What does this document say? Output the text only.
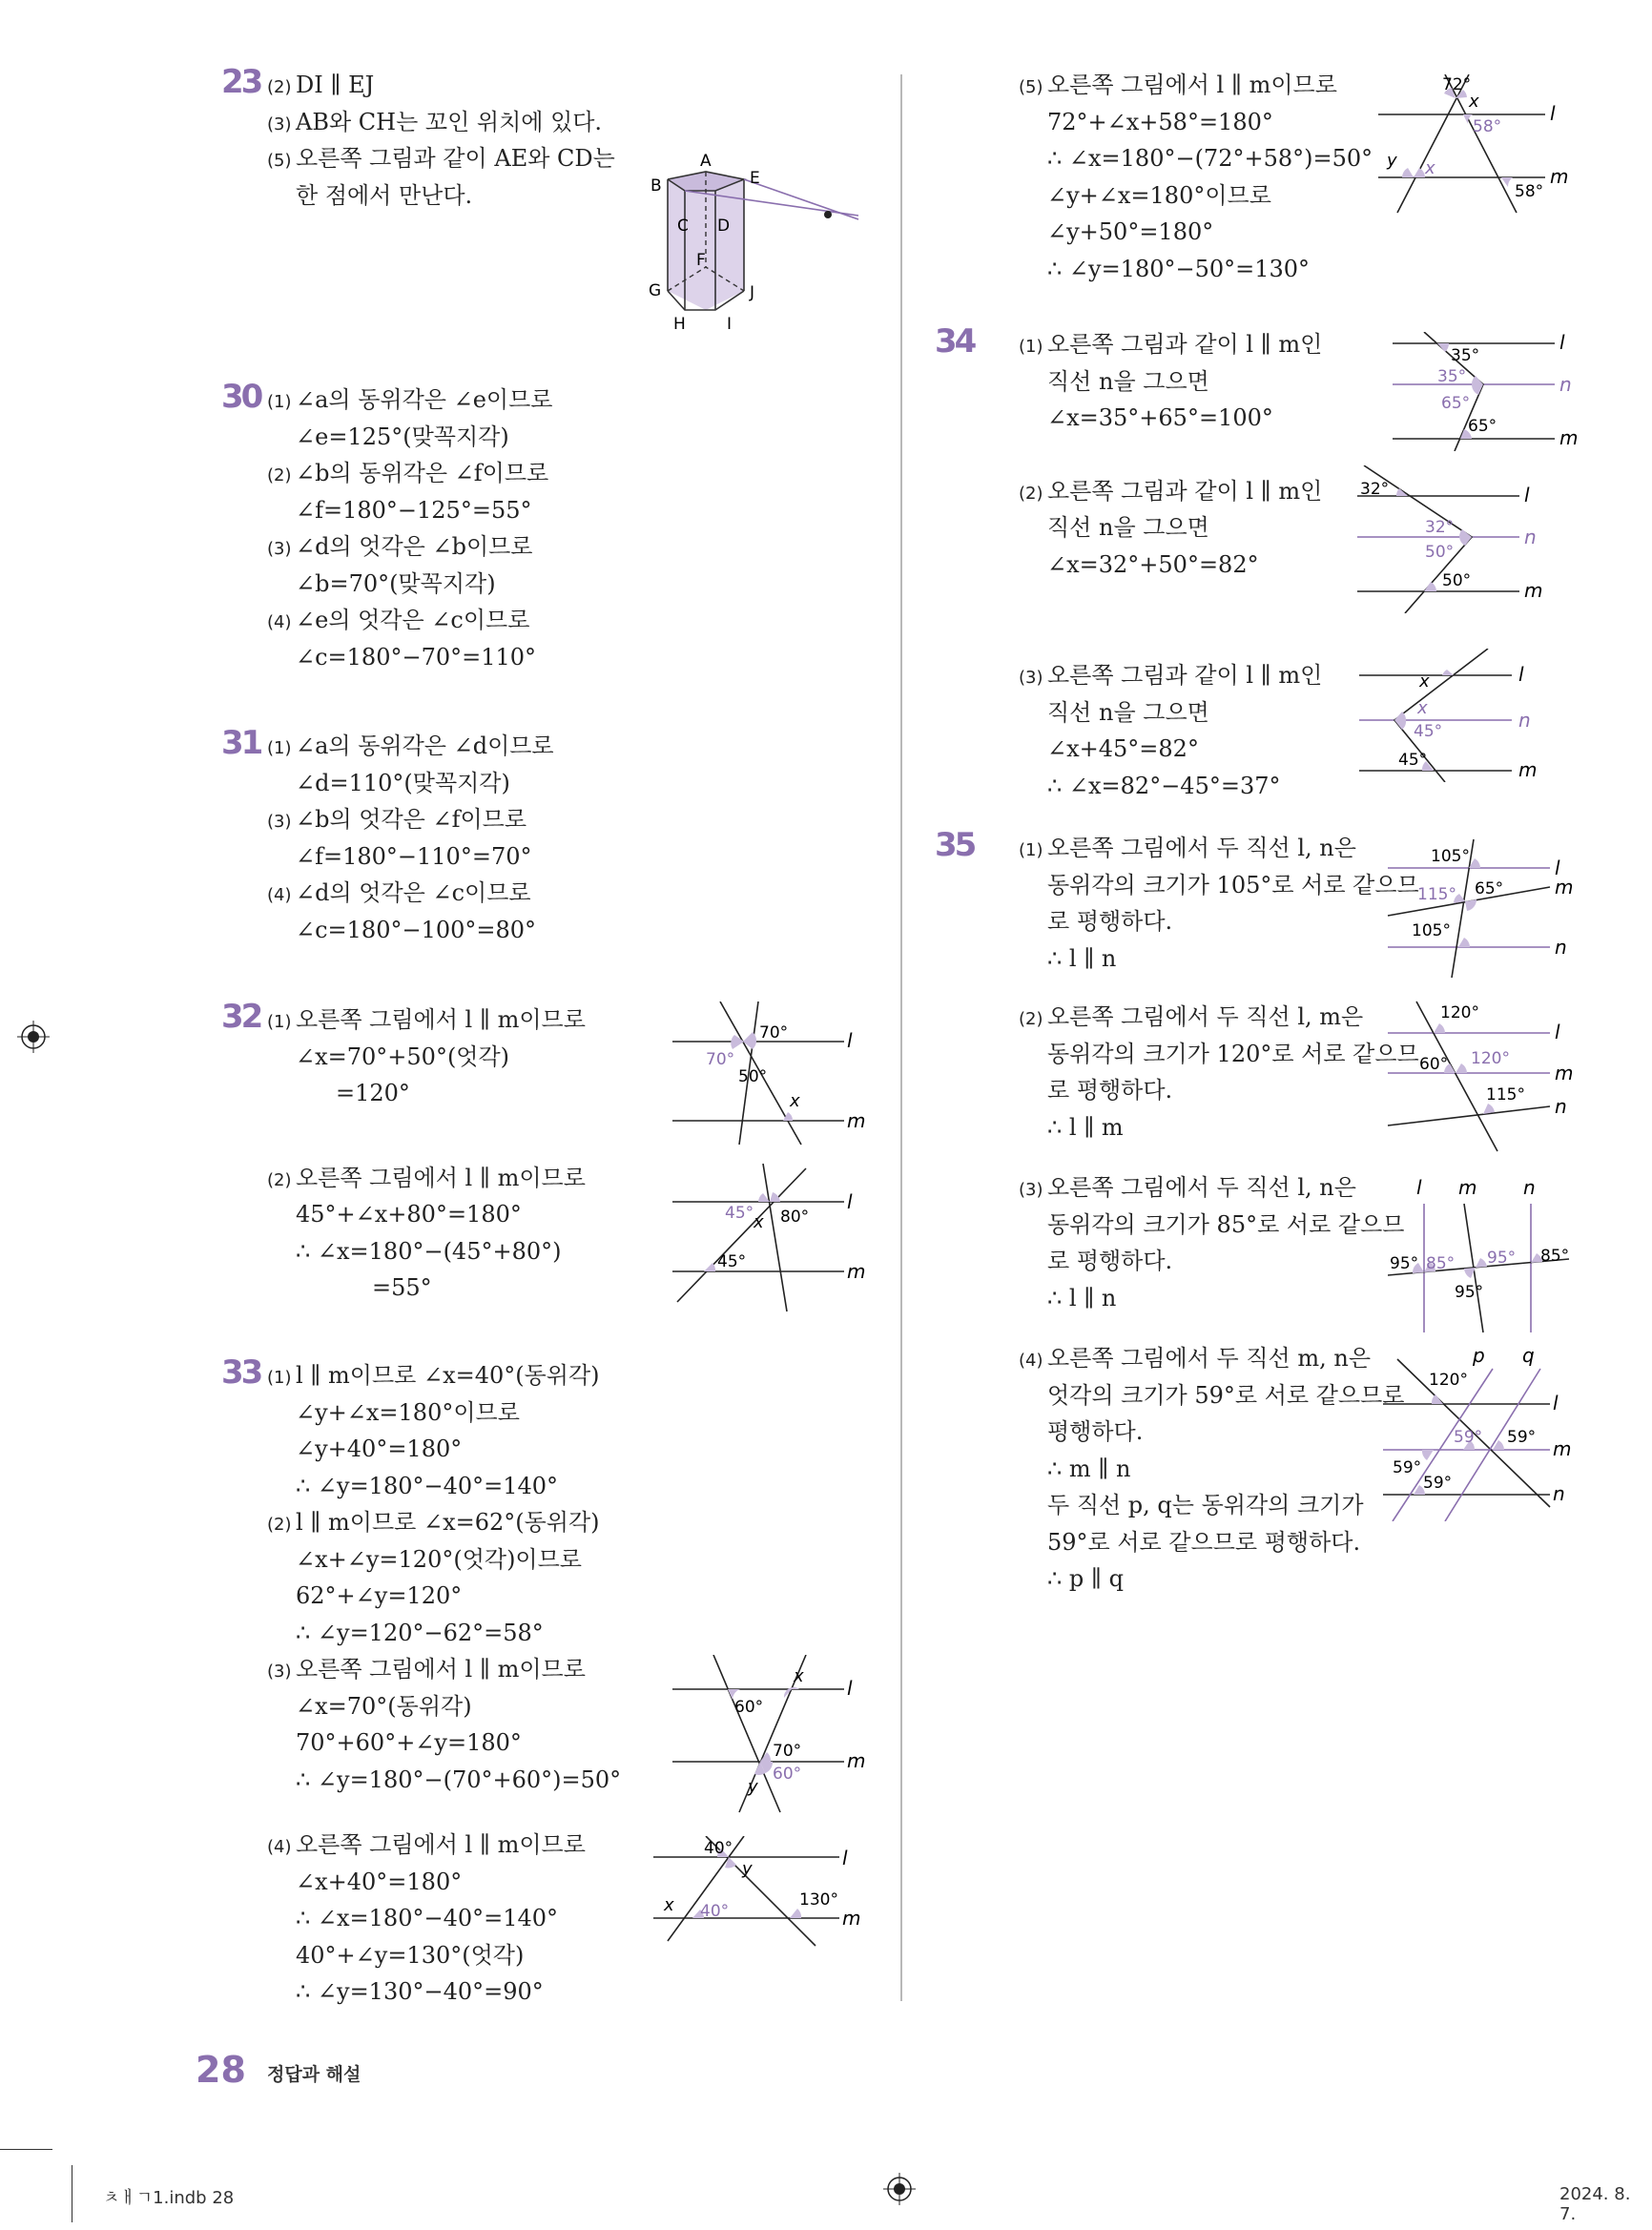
23 (2) DI ∥ EJ
(3) AB와 CH는 꼬인 위치에 있다.
(5) 오른쪽 그림과 같이 AE와 CD는
한 점에서 만난다.
30 (1) ∠a의 동위각은 ∠e이므로
∠e=125°(맞꼭지각)
(2) ∠b의 동위각은 ∠f이므로
∠f=180°−125°=55°
(3) ∠d의 엇각은 ∠b이므로
∠b=70°(맞꼭지각)
(4) ∠e의 엇각은 ∠c이므로
∠c=180°−70°=110°
31 (1) ∠a의 동위각은 ∠d이므로
∠d=110°(맞꼭지각)
(3) ∠b의 엇각은 ∠f이므로
∠f=180°−110°=70°
(4) ∠d의 엇각은 ∠c이므로
∠c=180°−100°=80°
32 (1) 오른쪽 그림에서 l ∥ m이므로
∠x=70°+50°(엇각)
=120°
(2) 오른쪽 그림에서 l ∥ m이므로
45°+∠x+80°=180°
∴ ∠x=180°−(45°+80°)
=55°
33 (1) l ∥ m이므로 ∠x=40°(동위각)
∠y+∠x=180°이므로
∠y+40°=180°
∴ ∠y=180°−40°=140°
(2) l ∥ m이므로 ∠x=62°(동위각)
∠x+∠y=120°(엇각)이므로
62°+∠y=120°
∴ ∠y=120°−62°=58°
(3) 오른쪽 그림에서 l ∥ m이므로
∠x=70°(동위각)
70°+60°+∠y=180°
∴ ∠y=180°−(70°+60°)=50°
(4) 오른쪽 그림에서 l ∥ m이므로
∠x+40°=180°
∴ ∠x=180°−40°=140°
40°+∠y=130°(엇각)
∴ ∠y=130°−40°=90°
(5) 오른쪽 그림에서 l ∥ m이므로
72°+∠x+58°=180°
∴ ∠x=180°−(72°+58°)=50°
∠y+∠x=180°이므로
∠y+50°=180°
∴ ∠y=180°−50°=130°
34	(1) 오른쪽 그림과 같이 l ∥ m인
직선 n을 그으면
∠x=35°+65°=100°
(2) 오른쪽 그림과 같이 l ∥ m인
직선 n을 그으면
∠x=32°+50°=82°
(3) 오른쪽 그림과 같이 l ∥ m인
직선 n을 그으면
∠x+45°=82°
∴ ∠x=82°−45°=37°
35	(1) 오른쪽 그림에서 두 직선 l, n은
동위각의 크기가 105°로 서로 같으므
로 평행하다.
∴ l ∥ n
(2) 오른쪽 그림에서 두 직선 l, m은
동위각의 크기가 120°로 서로 같으므
로 평행하다.
∴ l ∥ m
(3) 오른쪽 그림에서 두 직선 l, n은
동위각의 크기가 85°로 서로 같으므
로 평행하다.
∴ l ∥ n
(4) 오른쪽 그림에서 두 직선 m, n은
엇각의 크기가 59°로 서로 같으므로
평행하다.
∴ m ∥ n
두 직선 p, q는 동위각의 크기가
59°로 서로 같으므로 평행하다.
∴ p ∥ q
A
B
C D
E
F
G
H	I
J
70°
70°
50°
x
l
m
45° 80°
x
45°
l
m
x
60°
70°
60°
y
l
m
40°
y
130°
x 40°
l
m
72°
x
58°
y x
58°
l
m
35°
35°
65°
65°
l
n
m
32°
32°
50°
50°
l
n
m
x
x
45°
45°
l
n
m
105°
115° 65°
105°
l
m
n
120°
60° 120°
115°
l
m
n
l m n
95° 85° 95° 85°
95°
p q
120°
59° 59°
59°
59°
l
m
n
28 정답과 해설
ㅊㅐㄱ1.indb 28	2024. 8. 7.
